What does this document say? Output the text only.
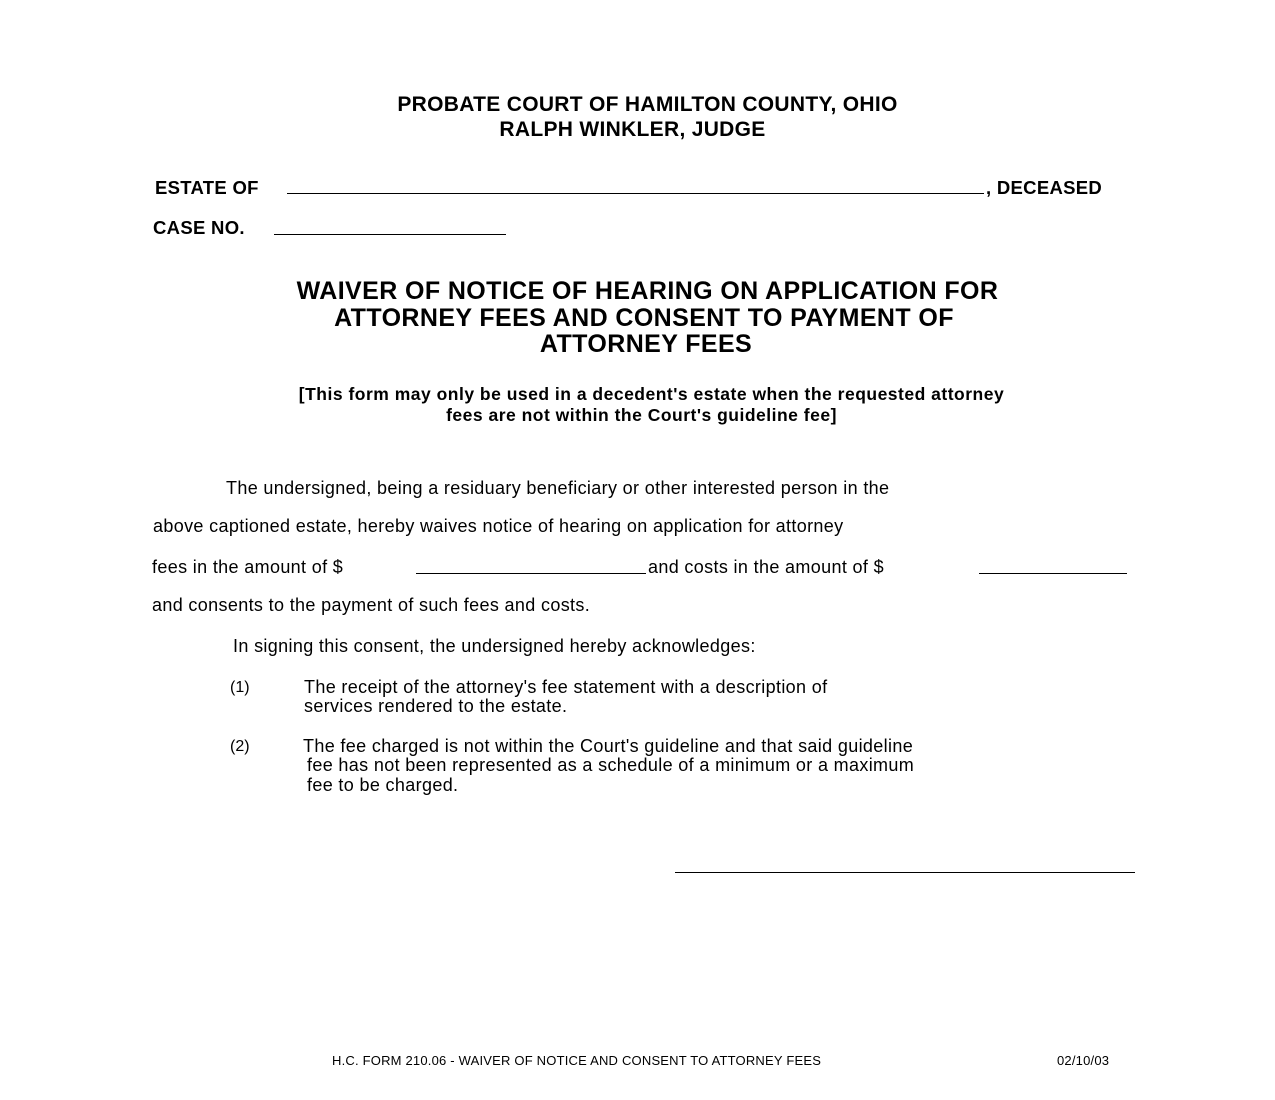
PROBATE COURT OF HAMILTON COUNTY, OHIO
RALPH WINKLER, JUDGE
ESTATE OF	, DECEASED
CASE NO.
WAIVER OF NOTICE OF HEARING ON APPLICATION FOR
ATTORNEY FEES AND CONSENT TO PAYMENT OF
ATTORNEY FEES
[This form may only be used in a decedent's estate when the requested attorney
fees are not within the Court's guideline fee]
The undersigned, being a residuary beneficiary or other interested person in the
above captioned estate, hereby waives notice of hearing on application for attorney
fees in the amount of $	and costs in the amount of $
and consents to the payment of such fees and costs.
In signing this consent, the undersigned hereby acknowledges:
(1)	The receipt of the attorney's fee statement with a description of
services rendered to the estate.
(2)	The fee charged is not within the Court's guideline and that said guideline
fee has not been represented as a schedule of a minimum or a maximum
fee to be charged.
H.C. FORM 210.06 - WAIVER OF NOTICE AND CONSENT TO ATTORNEY FEES	02/10/03
